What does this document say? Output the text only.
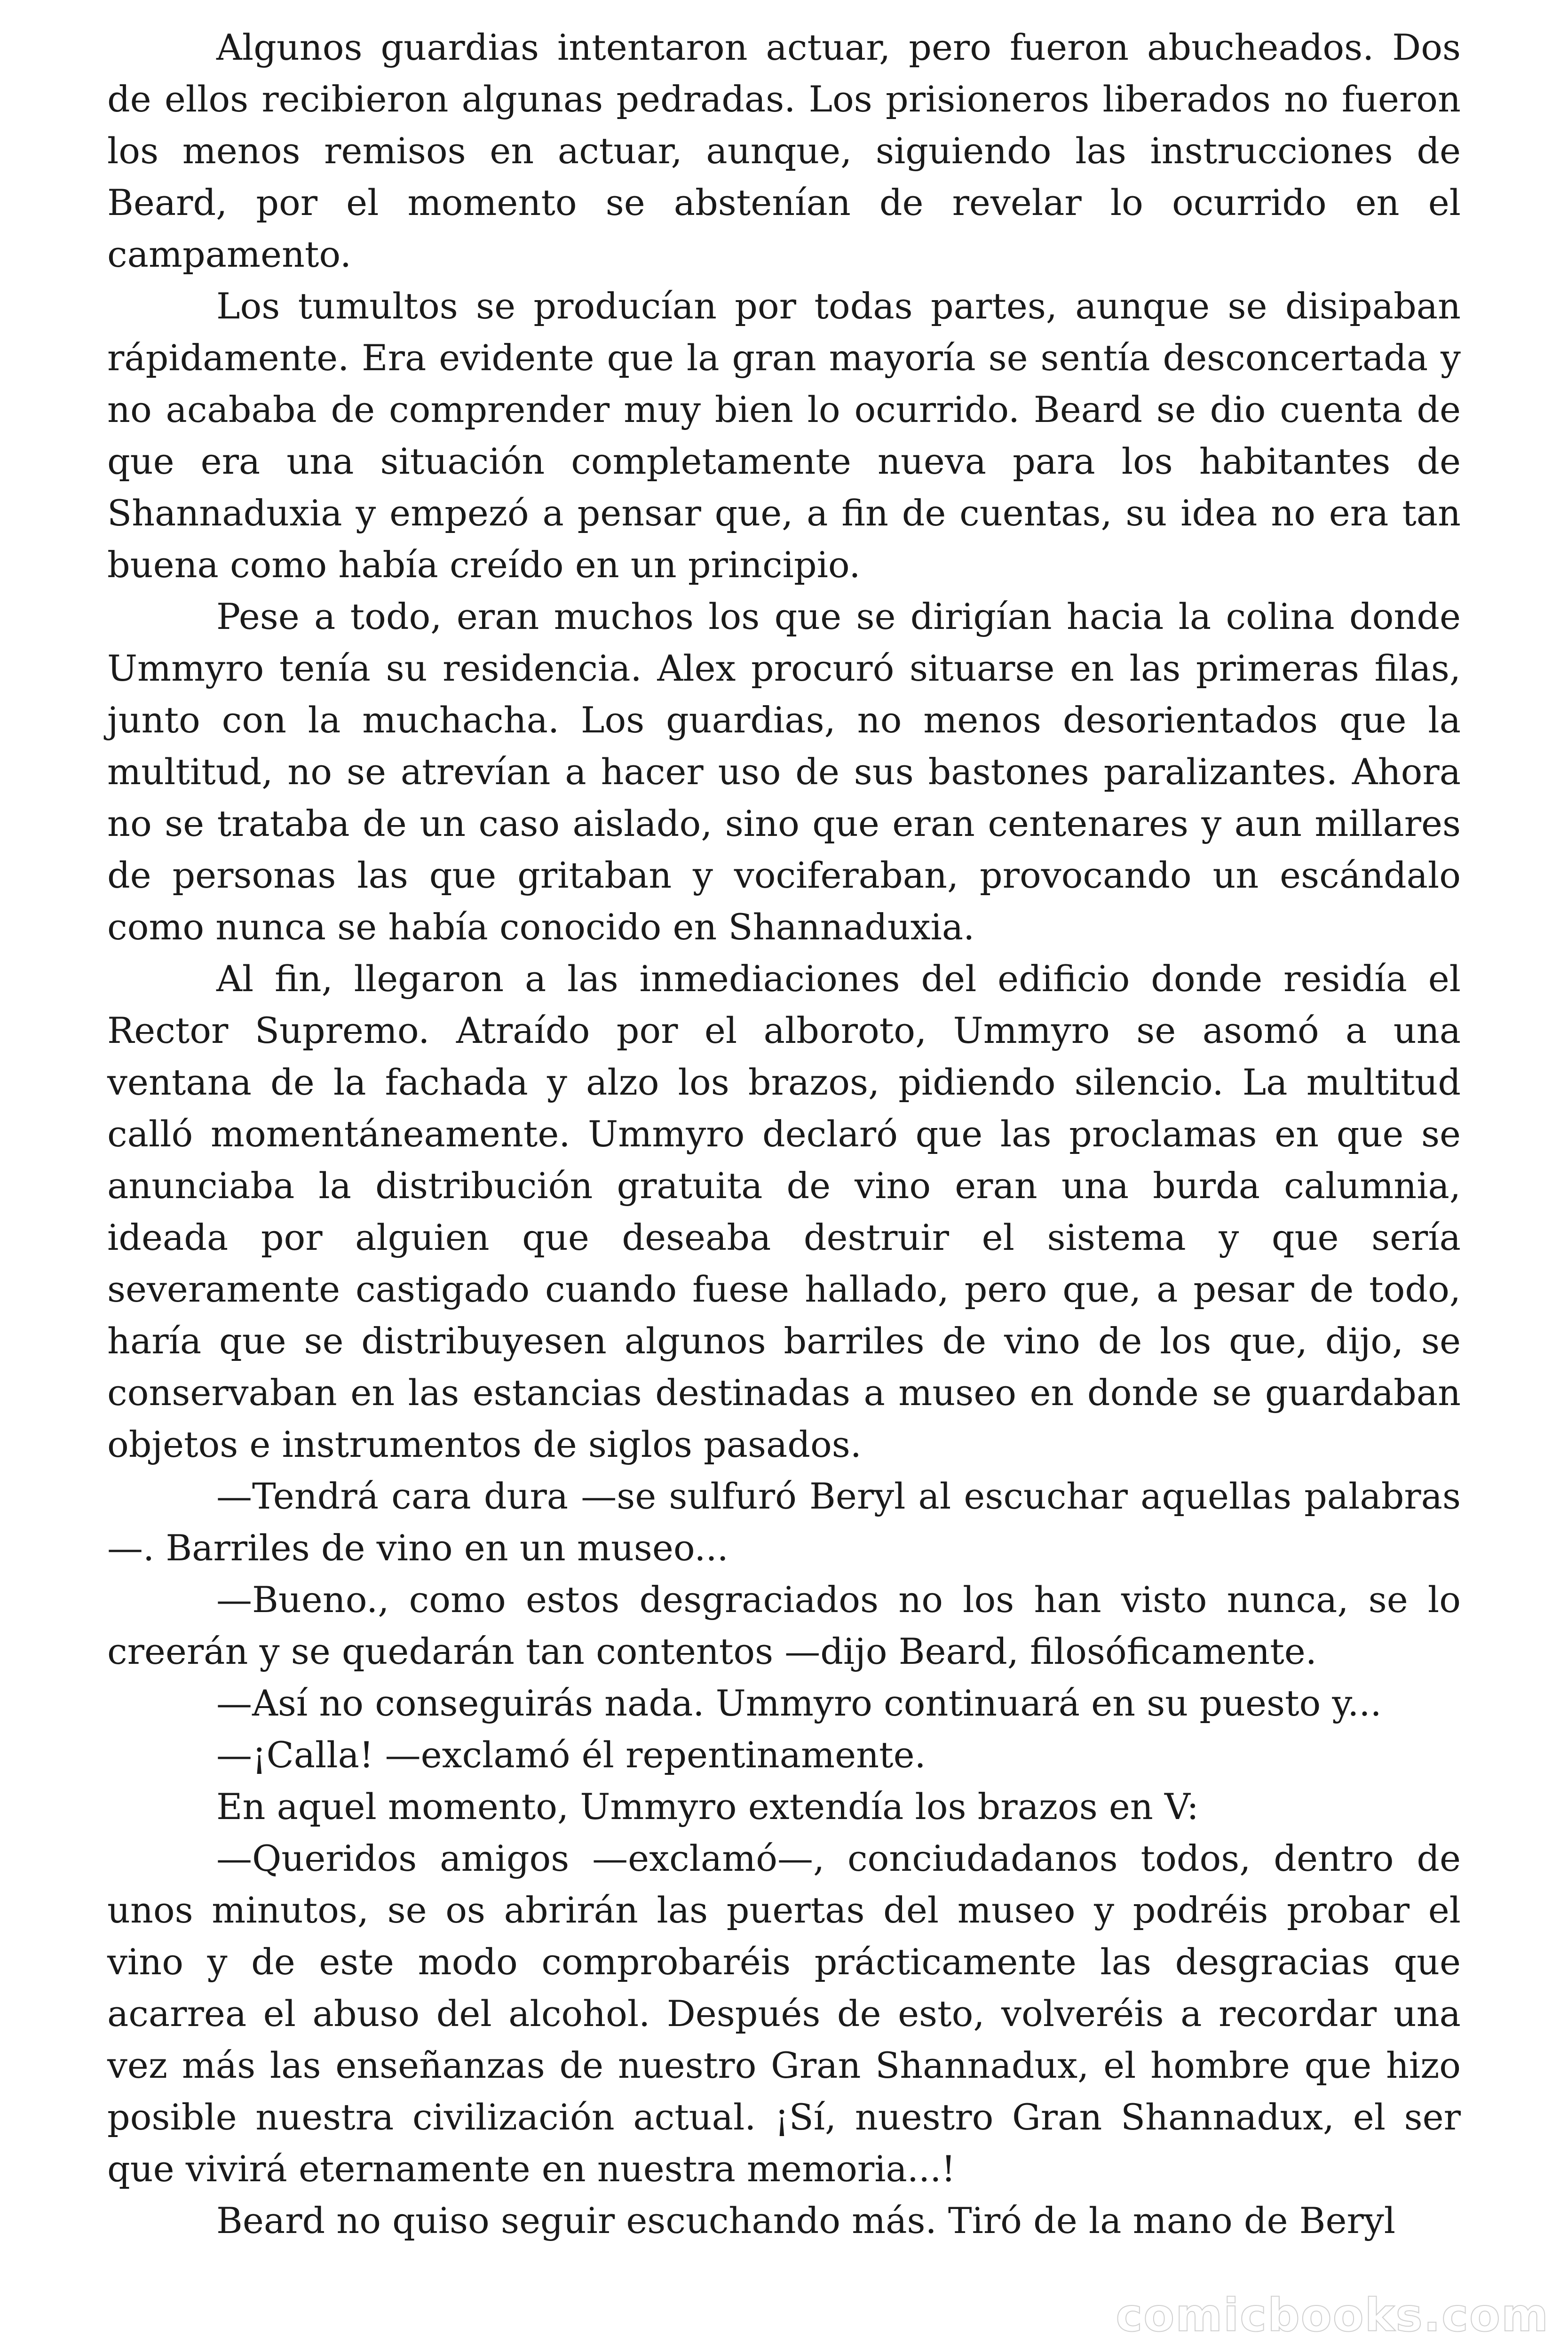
Algunos guardias intentaron actuar, pero fueron abucheados. Dos de ellos recibieron algunas pedradas. Los prisioneros liberados no fueron los menos remisos en actuar, aunque, siguiendo las instrucciones de Beard, por el momento se abstenían de revelar lo ocurrido en el campamento.

Los tumultos se producían por todas partes, aunque se disipaban rápidamente. Era evidente que la gran mayoría se sentía desconcertada y no acababa de comprender muy bien lo ocurrido. Beard se dio cuenta de que era una situación completamente nueva para los habitantes de Shannaduxia y empezó a pensar que, a fin de cuentas, su idea no era tan buena como había creído en un principio.

Pese a todo, eran muchos los que se dirigían hacia la colina donde Ummyro tenía su residencia. Alex procuró situarse en las primeras filas, junto con la muchacha. Los guardias, no menos desorientados que la multitud, no se atrevían a hacer uso de sus bastones paralizantes. Ahora no se trataba de un caso aislado, sino que eran centenares y aun millares de personas las que gritaban y vociferaban, provocando un escándalo como nunca se había conocido en Shannaduxia.

Al fin, llegaron a las inmediaciones del edificio donde residía el Rector Supremo. Atraído por el alboroto, Ummyro se asomó a una ventana de la fachada y alzo los brazos, pidiendo silencio. La multitud calló momentáneamente. Ummyro declaró que las proclamas en que se anunciaba la distribución gratuita de vino eran una burda calumnia, ideada por alguien que deseaba destruir el sistema y que sería severamente castigado cuando fuese hallado, pero que, a pesar de todo, haría que se distribuyesen algunos barriles de vino de los que, dijo, se conservaban en las estancias destinadas a museo en donde se guardaban objetos e instrumentos de siglos pasados.

—Tendrá cara dura —se sulfuró Beryl al escuchar aquellas palabras—. Barriles de vino en un museo...

—Bueno., como estos desgraciados no los han visto nunca, se lo creerán y se quedarán tan contentos —dijo Beard, filosóficamente.

—Así no conseguirás nada. Ummyro continuará en su puesto y...

—¡Calla! —exclamó él repentinamente.

En aquel momento, Ummyro extendía los brazos en V:

—Queridos amigos —exclamó—, conciudadanos todos, dentro de unos minutos, se os abrirán las puertas del museo y podréis probar el vino y de este modo comprobaréis prácticamente las desgracias que acarrea el abuso del alcohol. Después de esto, volveréis a recordar una vez más las enseñanzas de nuestro Gran Shannadux, el hombre que hizo posible nuestra civilización actual. ¡Sí, nuestro Gran Shannadux, el ser que vivirá eternamente en nuestra memoria...!

Beard no quiso seguir escuchando más. Tiró de la mano de Beryl

comicbooks.com
